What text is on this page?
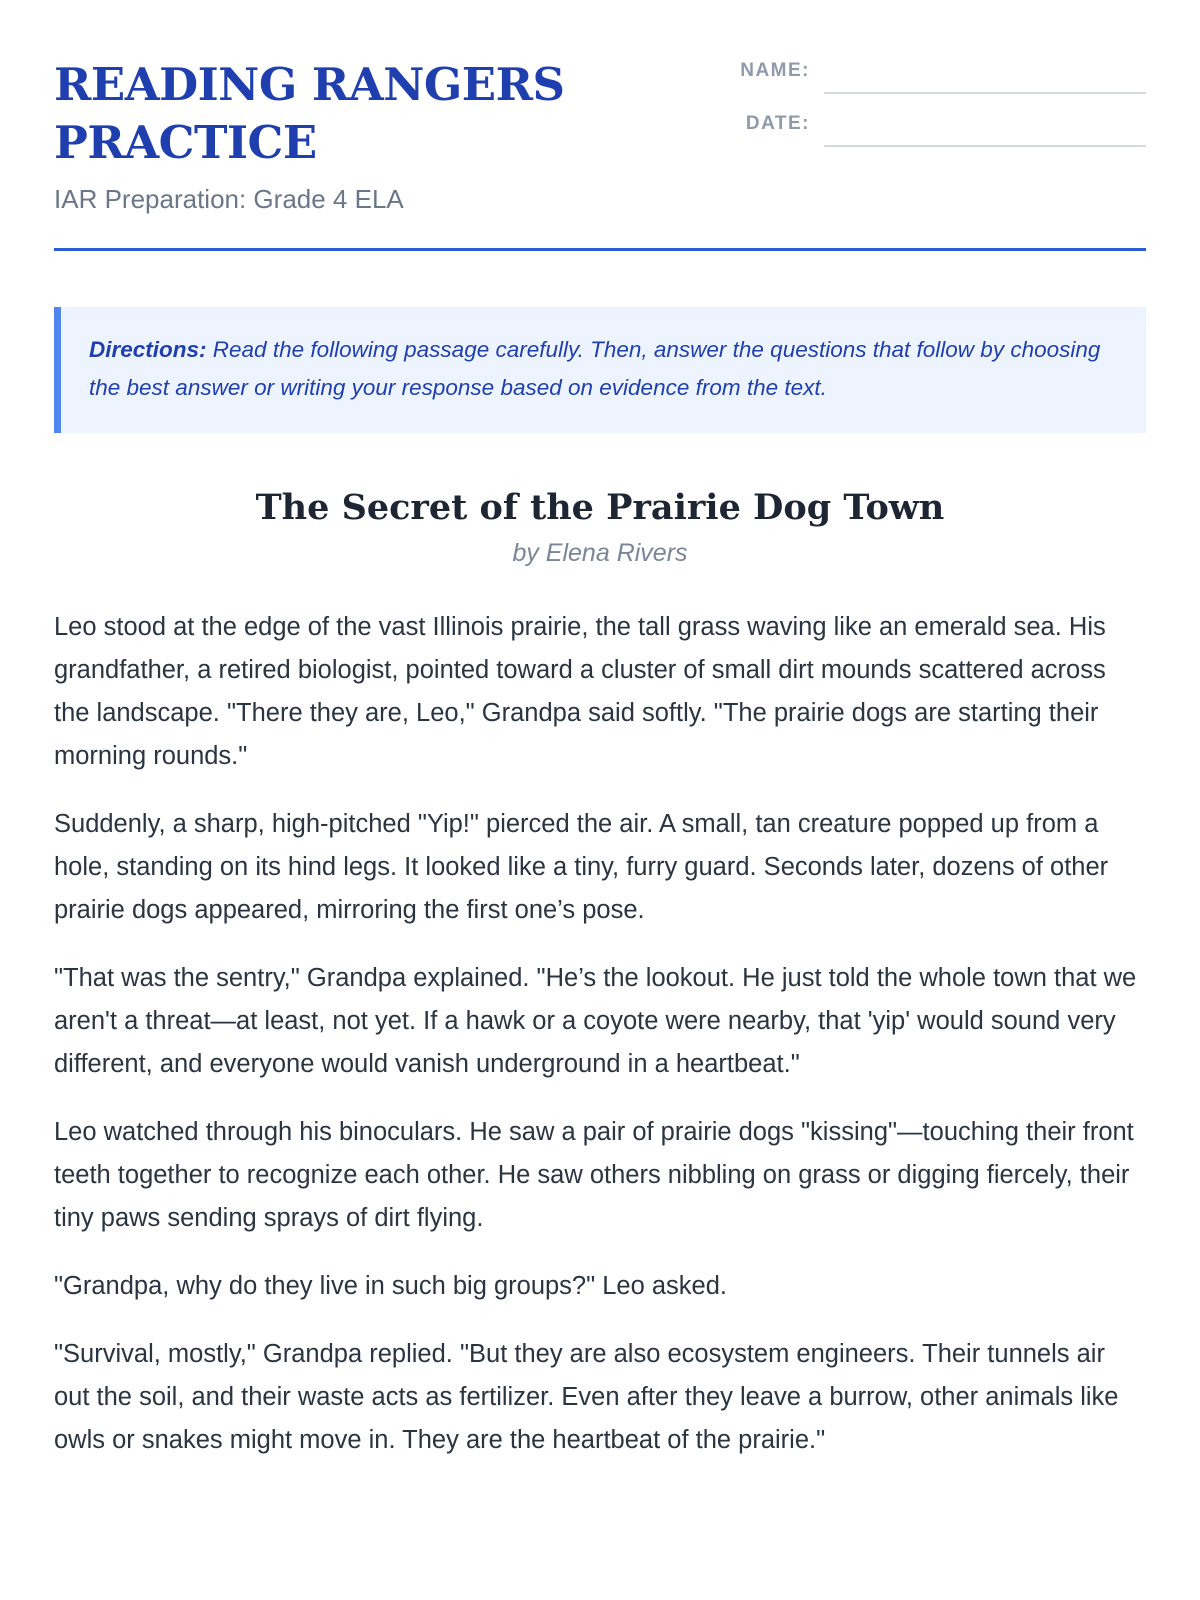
READING RANGERS
PRACTICE
IAR Preparation: Grade 4 ELA
NAME:
DATE:
Directions: Read the following passage carefully. Then, answer the questions that follow by choosing the best answer or writing your response based on evidence from the text.
The Secret of the Prairie Dog Town
by Elena Rivers

Leo stood at the edge of the vast Illinois prairie, the tall grass waving like an emerald sea. His grandfather, a retired biologist, pointed toward a cluster of small dirt mounds scattered across the landscape. "There they are, Leo," Grandpa said softly. "The prairie dogs are starting their morning rounds."

Suddenly, a sharp, high-pitched "Yip!" pierced the air. A small, tan creature popped up from a hole, standing on its hind legs. It looked like a tiny, furry guard. Seconds later, dozens of other prairie dogs appeared, mirroring the first one’s pose.

"That was the sentry," Grandpa explained. "He’s the lookout. He just told the whole town that we aren't a threat—at least, not yet. If a hawk or a coyote were nearby, that 'yip' would sound very different, and everyone would vanish underground in a heartbeat."

Leo watched through his binoculars. He saw a pair of prairie dogs "kissing"—touching their front teeth together to recognize each other. He saw others nibbling on grass or digging fiercely, their tiny paws sending sprays of dirt flying.

"Grandpa, why do they live in such big groups?" Leo asked.

"Survival, mostly," Grandpa replied. "But they are also ecosystem engineers. Their tunnels air out the soil, and their waste acts as fertilizer. Even after they leave a burrow, other animals like owls or snakes might move in. They are the heartbeat of the prairie."
